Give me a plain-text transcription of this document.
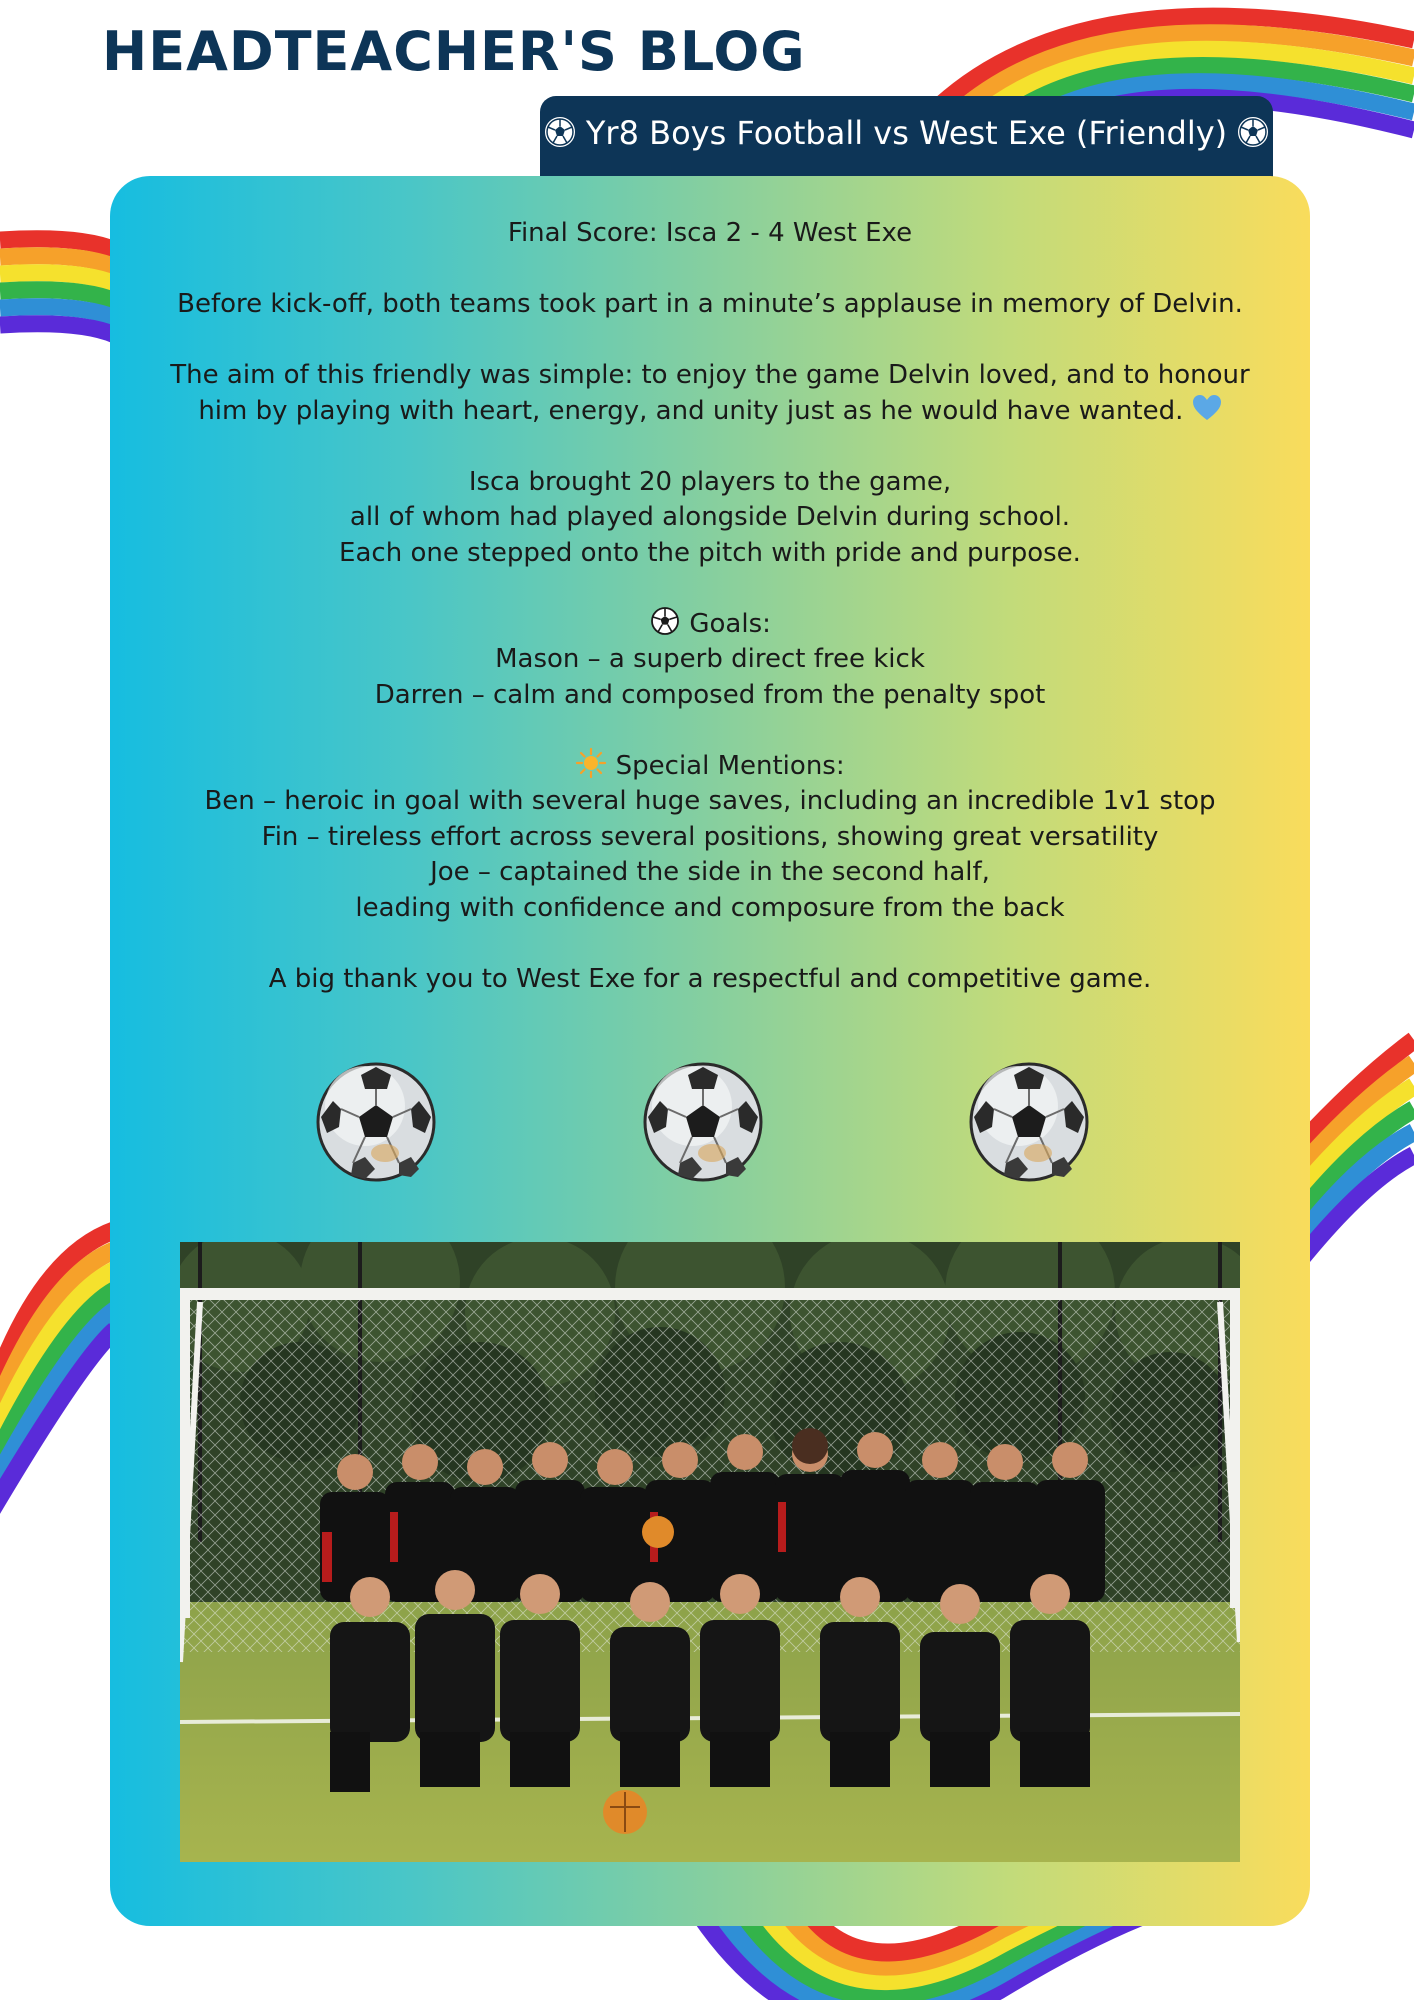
HEADTEACHER'S BLOG
Yr8 Boys Football vs West Exe (Friendly)
Final Score: Isca 2 - 4 West Exe
Before kick-off, both teams took part in a minute’s applause in memory of Delvin.
The aim of this friendly was simple: to enjoy the game Delvin loved, and to honour
him by playing with heart, energy, and unity just as he would have wanted.
Isca brought 20 players to the game,
all of whom had played alongside Delvin during school.
Each one stepped onto the pitch with pride and purpose.
Goals:
Mason – a superb direct free kick
Darren – calm and composed from the penalty spot
Special Mentions:
Ben – heroic in goal with several huge saves, including an incredible 1v1 stop
Fin – tireless effort across several positions, showing great versatility
Joe – captained the side in the second half,
leading with confidence and composure from the back
A big thank you to West Exe for a respectful and competitive game.
